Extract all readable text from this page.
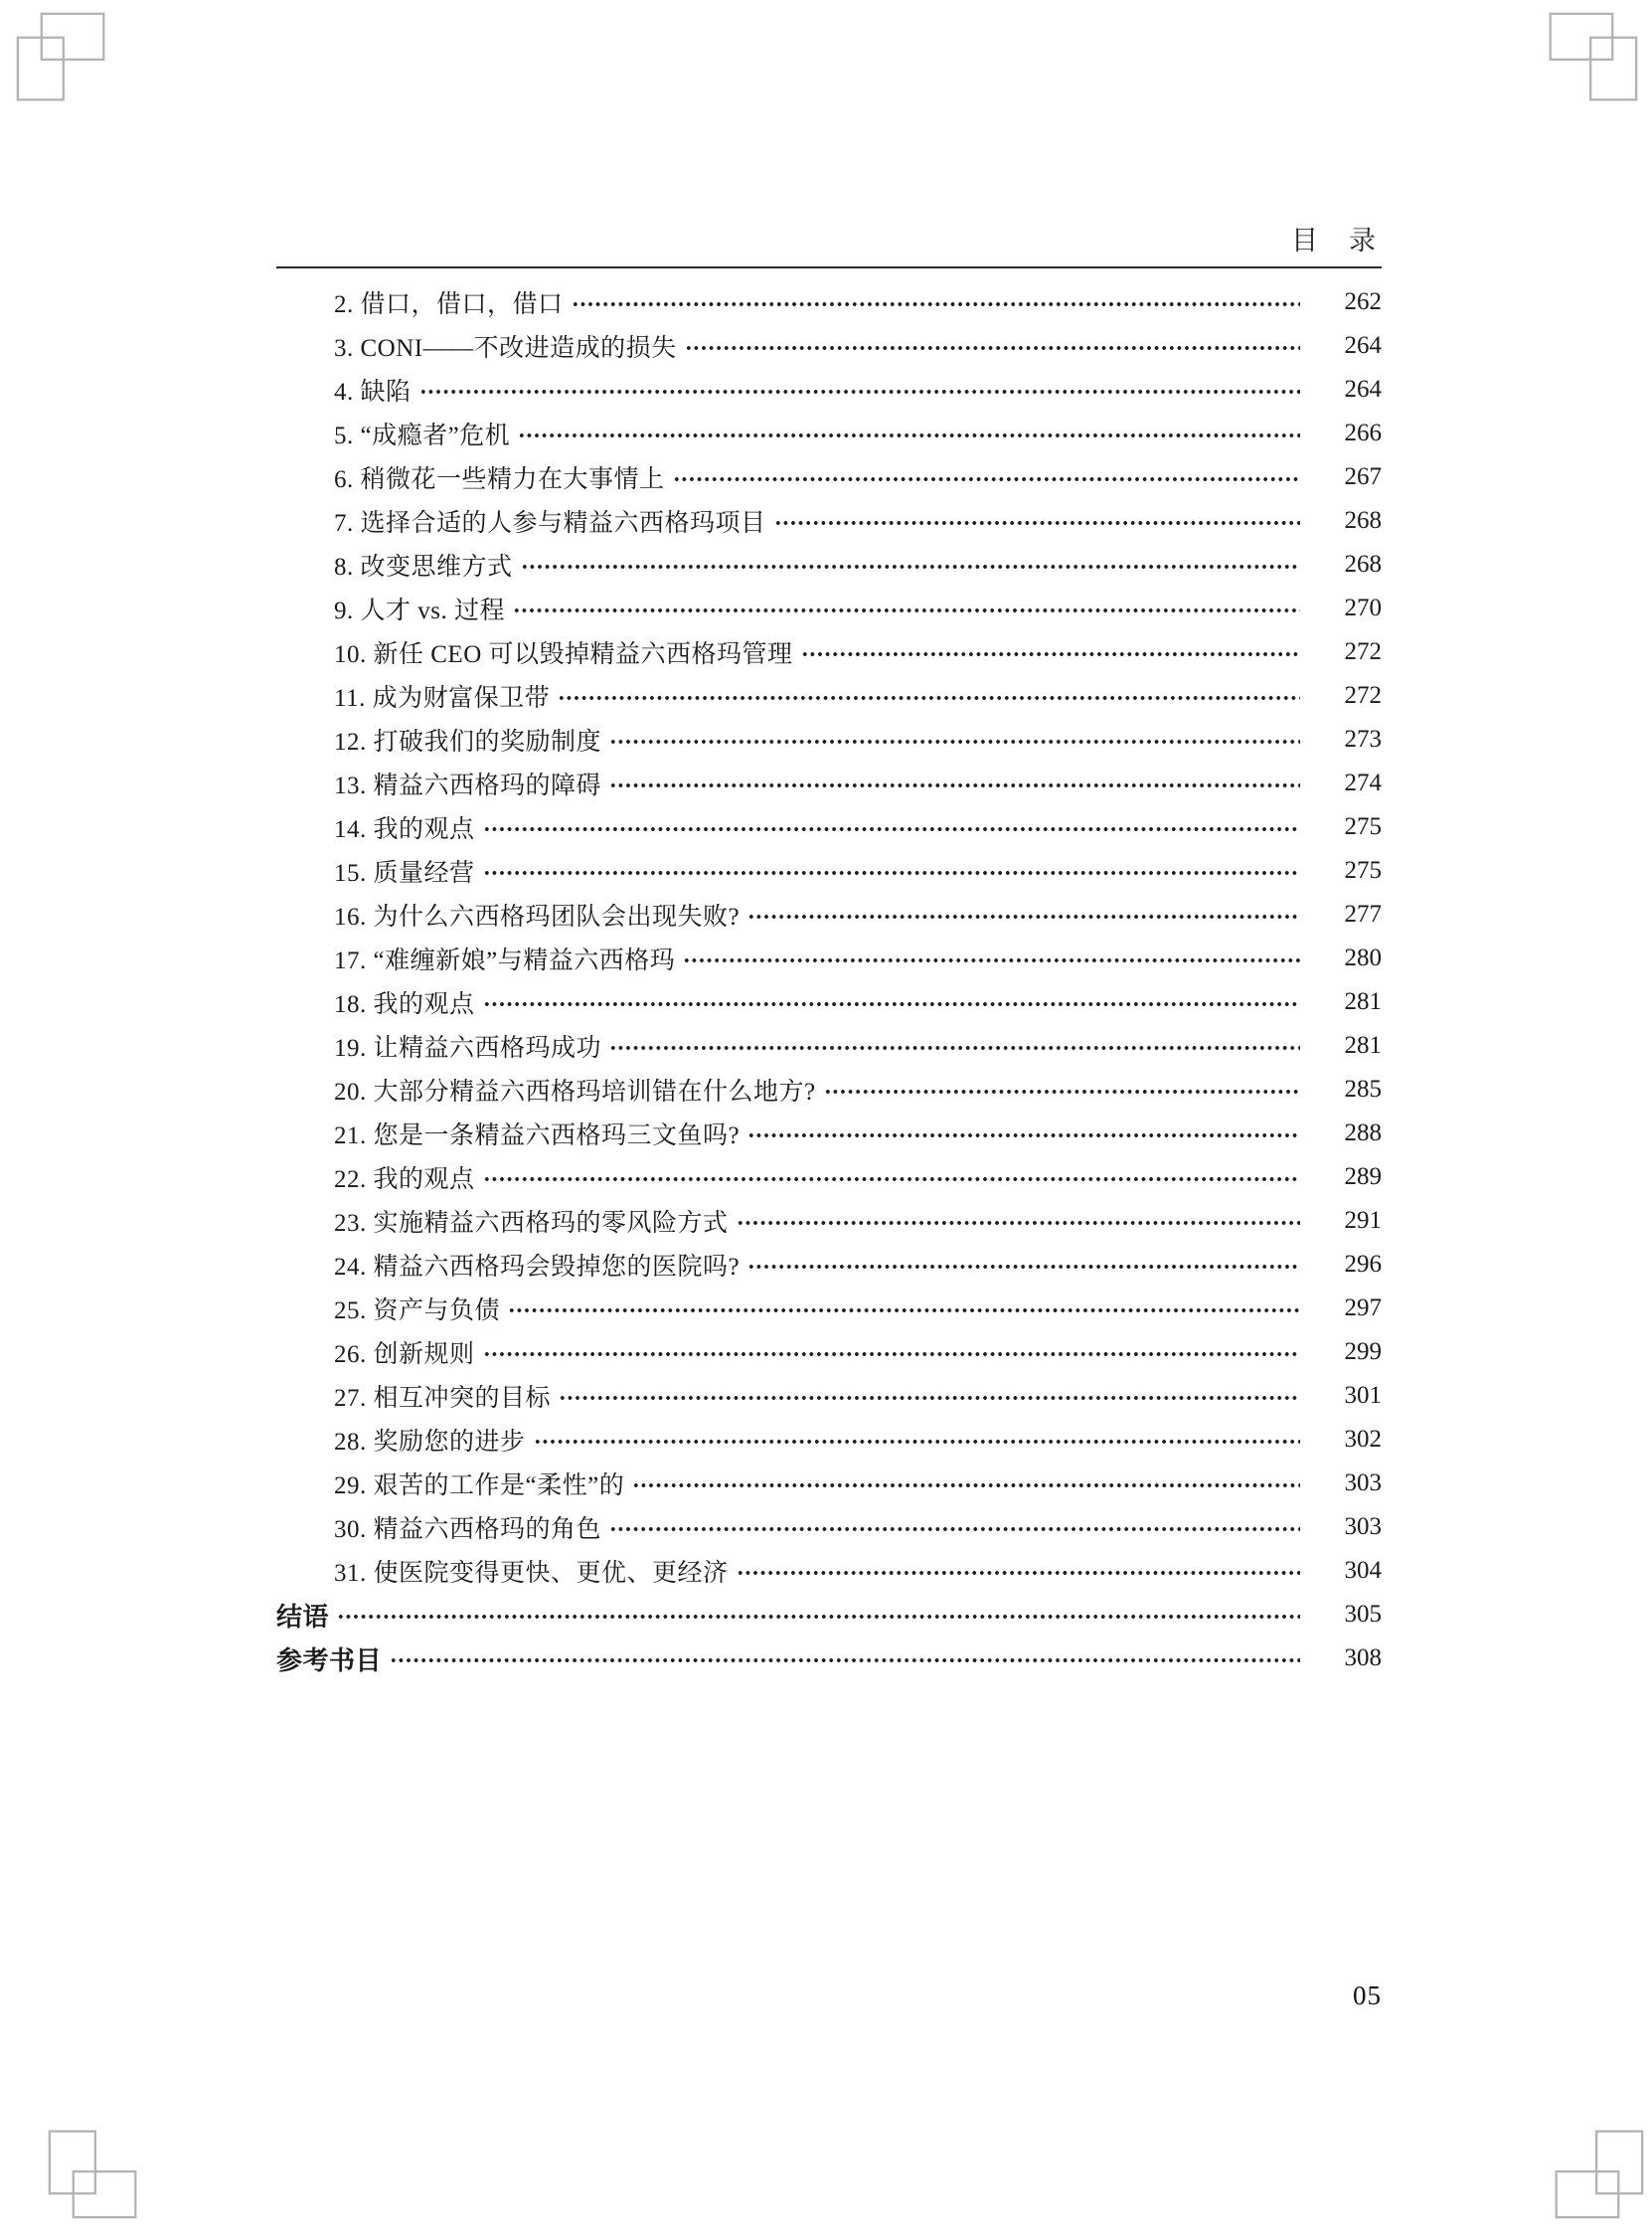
目　录
2. 借口，借口，借口	262
3. CONI——不改进造成的损失	264
4. 缺陷	264
5. “成瘾者”危机	266
6. 稍微花一些精力在大事情上	267
7. 选择合适的人参与精益六西格玛项目	268
8. 改变思维方式	268
9. 人才 vs. 过程	270
10. 新任 CEO 可以毁掉精益六西格玛管理	272
11. 成为财富保卫带	272
12. 打破我们的奖励制度	273
13. 精益六西格玛的障碍	274
14. 我的观点	275
15. 质量经营	275
16. 为什么六西格玛团队会出现失败?	277
17. “难缠新娘”与精益六西格玛	280
18. 我的观点	281
19. 让精益六西格玛成功	281
20. 大部分精益六西格玛培训错在什么地方?	285
21. 您是一条精益六西格玛三文鱼吗?	288
22. 我的观点	289
23. 实施精益六西格玛的零风险方式	291
24. 精益六西格玛会毁掉您的医院吗?	296
25. 资产与负债	297
26. 创新规则	299
27. 相互冲突的目标	301
28. 奖励您的进步	302
29. 艰苦的工作是“柔性”的	303
30. 精益六西格玛的角色	303
31. 使医院变得更快、更优、更经济	304
结语	305
参考书目	308
05
